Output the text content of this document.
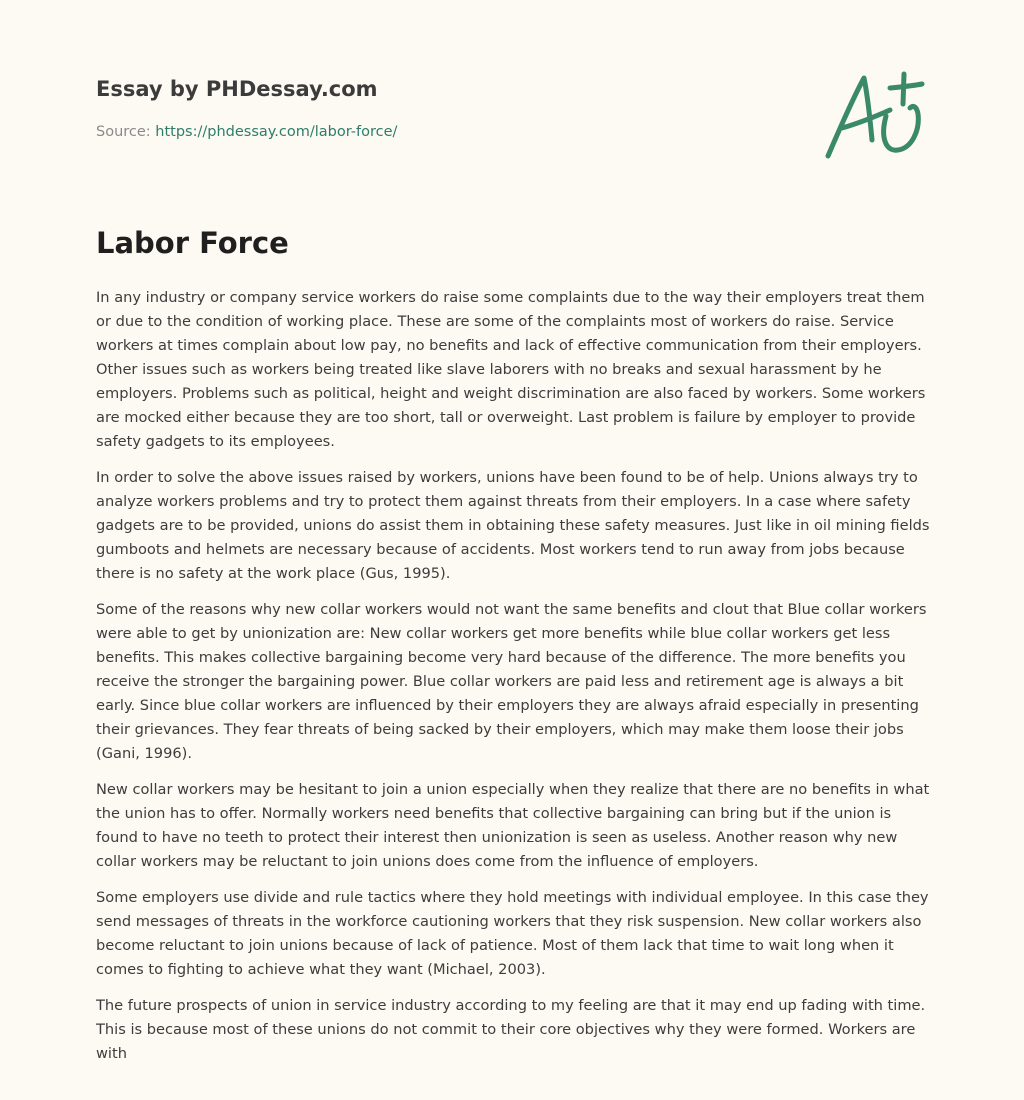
Essay by PHDessay.com
Source: https://phdessay.com/labor-force/
Labor Force

In any industry or company service workers do raise some complaints due to the way their employers treat them or due to the condition of working place. These are some of the complaints most of workers do raise. Service workers at times complain about low pay, no benefits and lack of effective communication from their employers. Other issues such as workers being treated like slave laborers with no breaks and sexual harassment by he employers. Problems such as political, height and weight discrimination are also faced by workers. Some workers are mocked either because they are too short, tall or overweight. Last problem is failure by employer to provide safety gadgets to its employees.

In order to solve the above issues raised by workers, unions have been found to be of help. Unions always try to analyze workers problems and try to protect them against threats from their employers. In a case where safety gadgets are to be provided, unions do assist them in obtaining these safety measures. Just like in oil mining fields gumboots and helmets are necessary because of accidents. Most workers tend to run away from jobs because there is no safety at the work place (Gus, 1995).

Some of the reasons why new collar workers would not want the same benefits and clout that Blue collar workers were able to get by unionization are: New collar workers get more benefits while blue collar workers get less benefits. This makes collective bargaining become very hard because of the difference. The more benefits you receive the stronger the bargaining power. Blue collar workers are paid less and retirement age is always a bit early. Since blue collar workers are influenced by their employers they are always afraid especially in presenting their grievances. They fear threats of being sacked by their employers, which may make them loose their jobs (Gani, 1996).

New collar workers may be hesitant to join a union especially when they realize that there are no benefits in what the union has to offer. Normally workers need benefits that collective bargaining can bring but if the union is found to have no teeth to protect their interest then unionization is seen as useless. Another reason why new collar workers may be reluctant to join unions does come from the influence of employers.

Some employers use divide and rule tactics where they hold meetings with individual employee. In this case they send messages of threats in the workforce cautioning workers that they risk suspension. New collar workers also become reluctant to join unions because of lack of patience. Most of them lack that time to wait long when it comes to fighting to achieve what they want (Michael, 2003).

The future prospects of union in service industry according to my feeling are that it may end up fading with time. This is because most of these unions do not commit to their core objectives why they were formed. Workers are with
